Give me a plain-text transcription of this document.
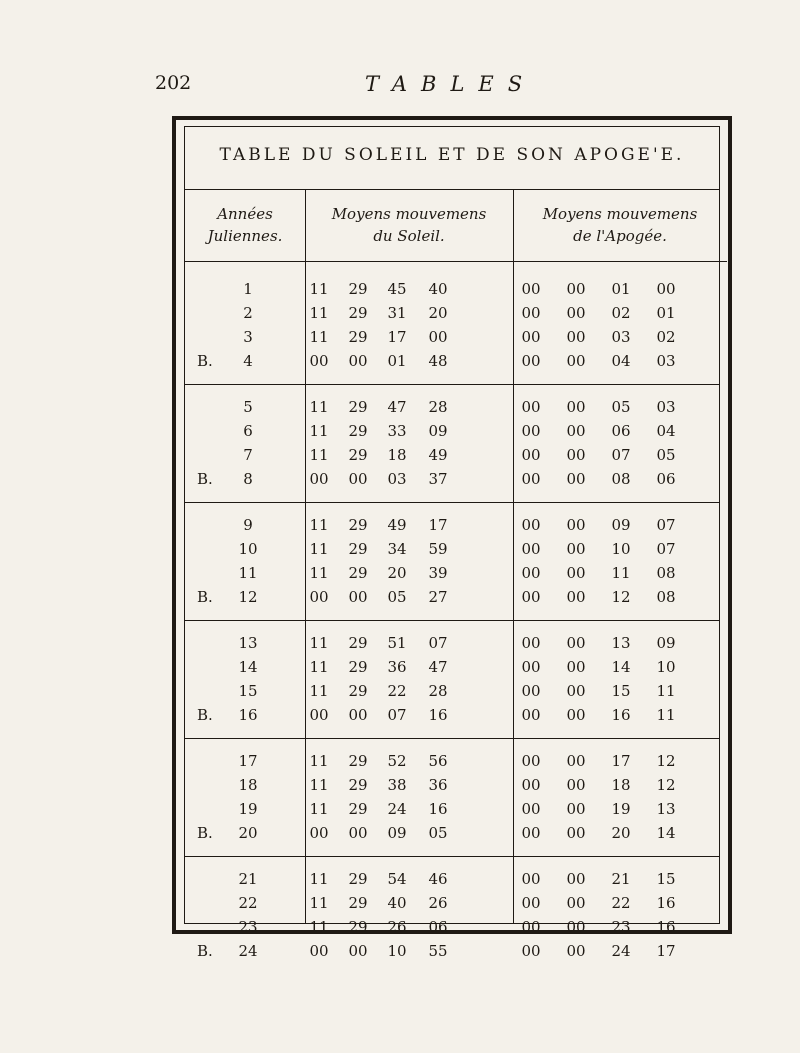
202	TABLES
TABLE DU SOLEIL ET DE SON APOGE'E.
Années
Juliennes.
Moyens mouvemens
du Soleil.
Moyens mouvemens
de l'Apogée.
1	11	29	45	40	00	00	01	00
2	11	29	31	20	00	00	02	01
3	11	29	17	00	00	00	03	02
B.	4	00	00	01	48	00	00	04	03
5	11	29	47	28	00	00	05	03
6	11	29	33	09	00	00	06	04
7	11	29	18	49	00	00	07	05
B.	8	00	00	03	37	00	00	08	06
9	11	29	49	17	00	00	09	07
10	11	29	34	59	00	00	10	07
11	11	29	20	39	00	00	11	08
B.	12	00	00	05	27	00	00	12	08
13	11	29	51	07	00	00	13	09
14	11	29	36	47	00	00	14	10
15	11	29	22	28	00	00	15	11
B.	16	00	00	07	16	00	00	16	11
17	11	29	52	56	00	00	17	12
18	11	29	38	36	00	00	18	12
19	11	29	24	16	00	00	19	13
B.	20	00	00	09	05	00	00	20	14
21	11	29	54	46	00	00	21	15
22	11	29	40	26	00	00	22	16
23	11	29	26	06	00	00	23	16
B.	24	00	00	10	55	00	00	24	17
